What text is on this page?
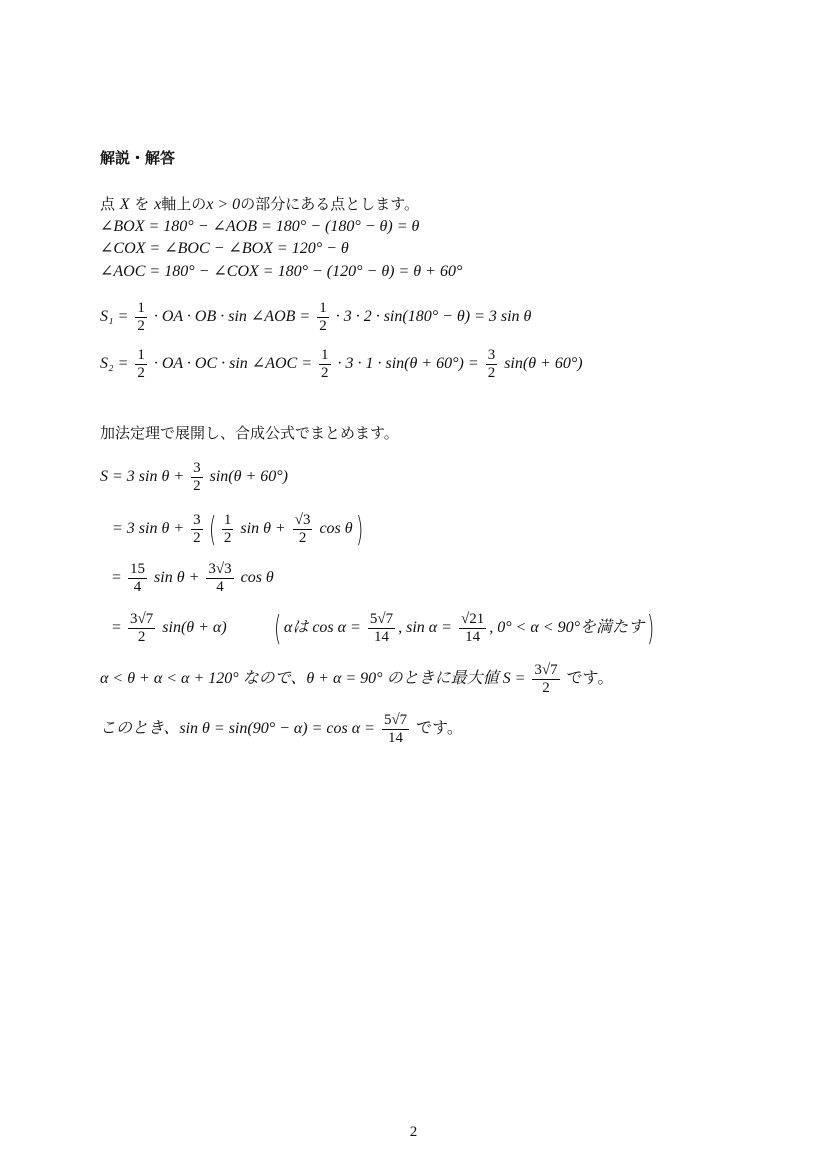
解説・解答
点 X を x軸上のx > 0の部分にある点とします。
∠BOX = 180° − ∠AOB = 180° − (180° − θ) = θ
∠COX = ∠BOC − ∠BOX = 120° − θ
∠AOC = 180° − ∠COX = 180° − (120° − θ) = θ + 60°
$S_1 = \frac{1}{2}$ · OA · OB · sin ∠AOB = $\frac{1}{2} \cdot 3 \cdot 2 \cdot \sin(180^\circ - \theta) = 3$ sin θ
$S_2 = \frac{1}{2}$ · OA · OC · sin ∠AOC = $\frac{1}{2} \cdot 3 \cdot 1 \cdot \sin(\theta + 60^\circ) = \frac{3}{2} \sin(\theta + 60^\circ)$
加法定理で展開し、合成公式でまとめます。
S = 3 $\sin \theta + \frac{3}{2} \sin(\theta + 60^\circ)$
= 3 $\sin \theta + \frac{3}{2}$ ( $\frac{1}{2}$ $\sin \theta + \frac{√3}{2}$ cos θ)
= $\frac{15}{4}$ $\sin \theta + \frac{3√3}{4}$ cos θ
= $\frac{3√7}{2} \sin(\theta + \alpha)$ ( αは $\cos \alpha = \frac{5√7}{14}$ , $\sin \alpha = \frac{√21}{14}$ , 0° < α < 90°を満たす)
α < θ + α < α + 120° なので、θ + α = 90° のときに最大値 $S = \frac{3√7}{2}$ です。
このとき、$\sin \theta = \sin(90^\circ - \alpha) = \cos \alpha = \frac{5√7}{14}$ です。
2
